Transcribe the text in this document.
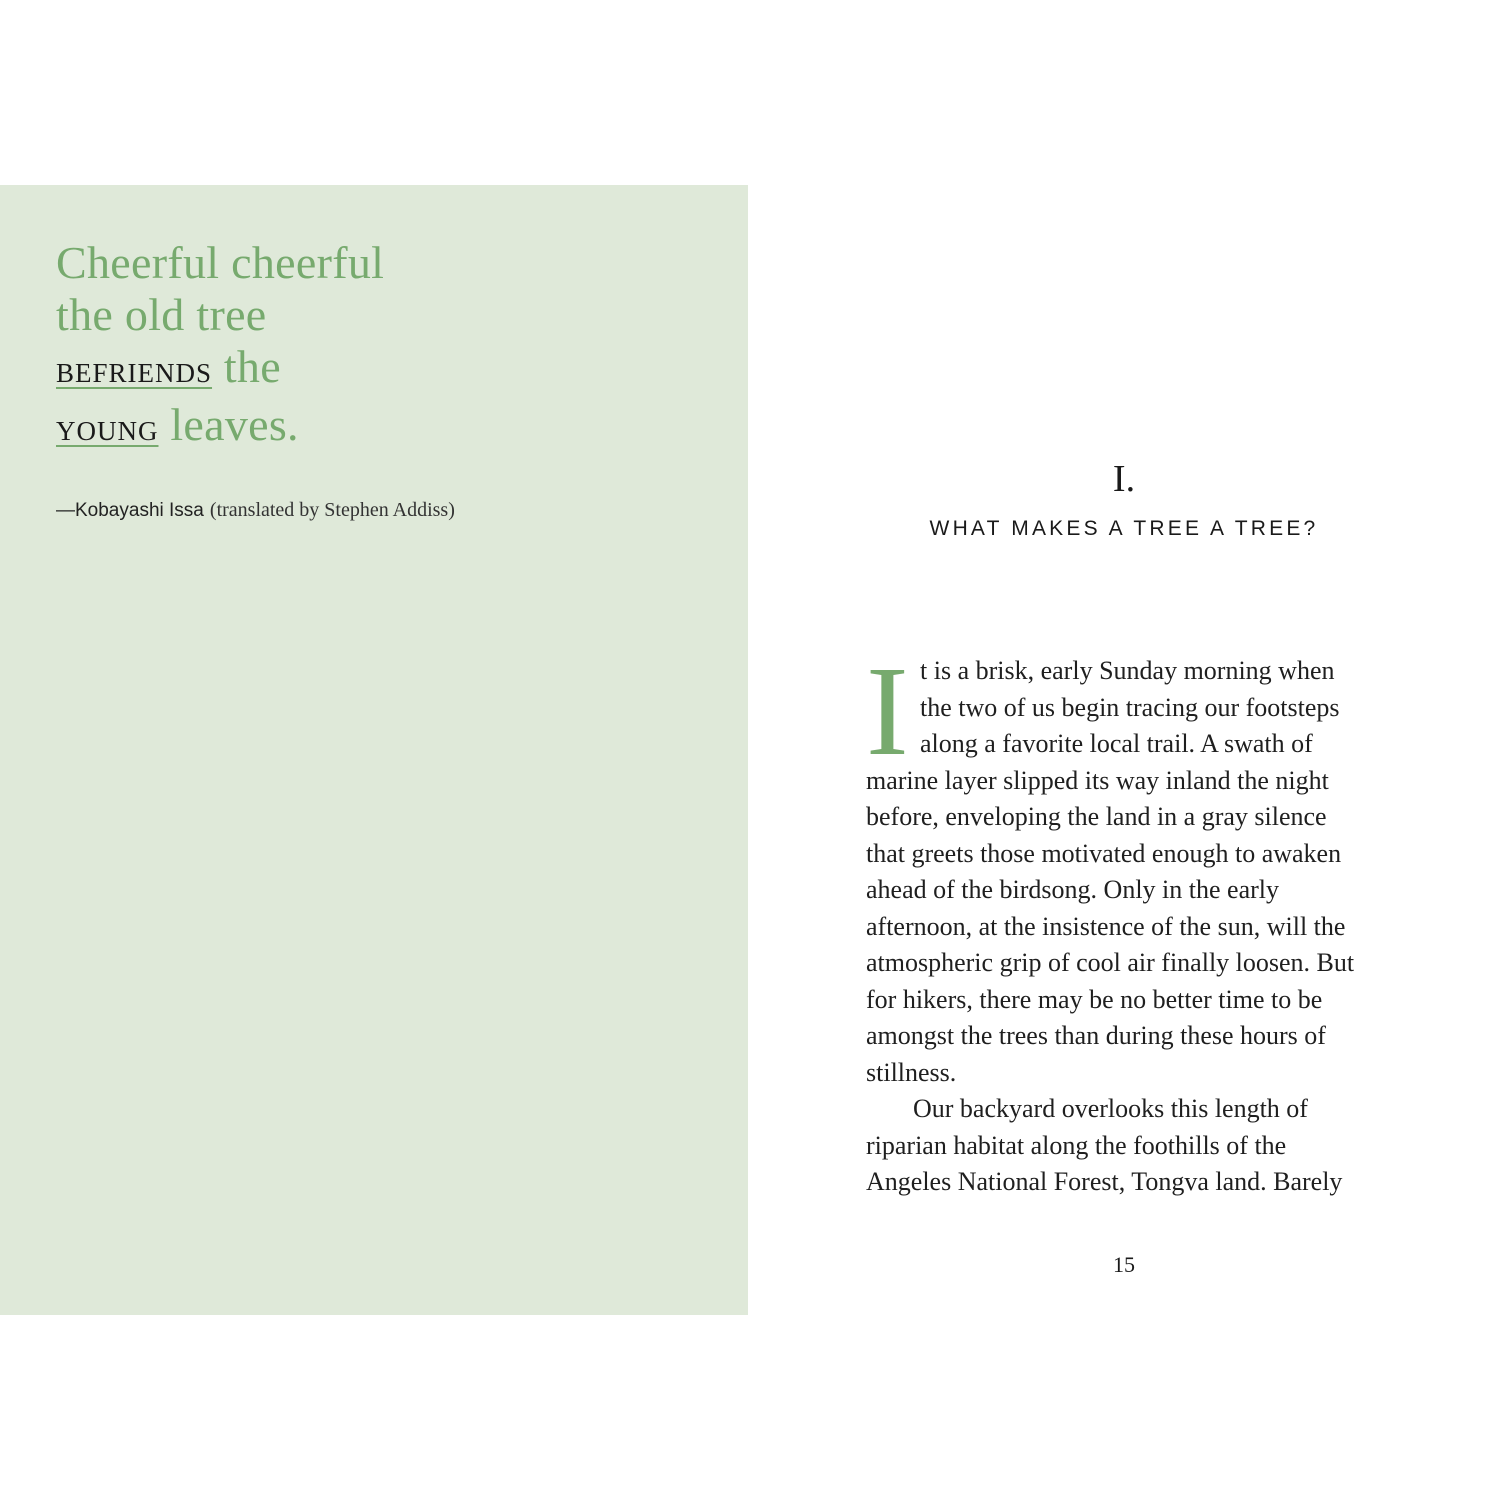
Cheerful cheerful
the old tree
BEFRIENDS the
YOUNG leaves.
—Kobayashi Issa (translated by Stephen Addiss)
I.
WHAT MAKES A TREE A TREE?
I t is a brisk, early Sunday morning when
the two of us begin tracing our footsteps
along a favorite local trail. A swath of
marine layer slipped its way inland the night
before, enveloping the land in a gray silence
that greets those motivated enough to awaken
ahead of the birdsong. Only in the early
afternoon, at the insistence of the sun, will the
atmospheric grip of cool air finally loosen. But
for hikers, there may be no better time to be
amongst the trees than during these hours of
stillness.
Our backyard overlooks this length of
riparian habitat along the foothills of the
Angeles National Forest, Tongva land. Barely
15
